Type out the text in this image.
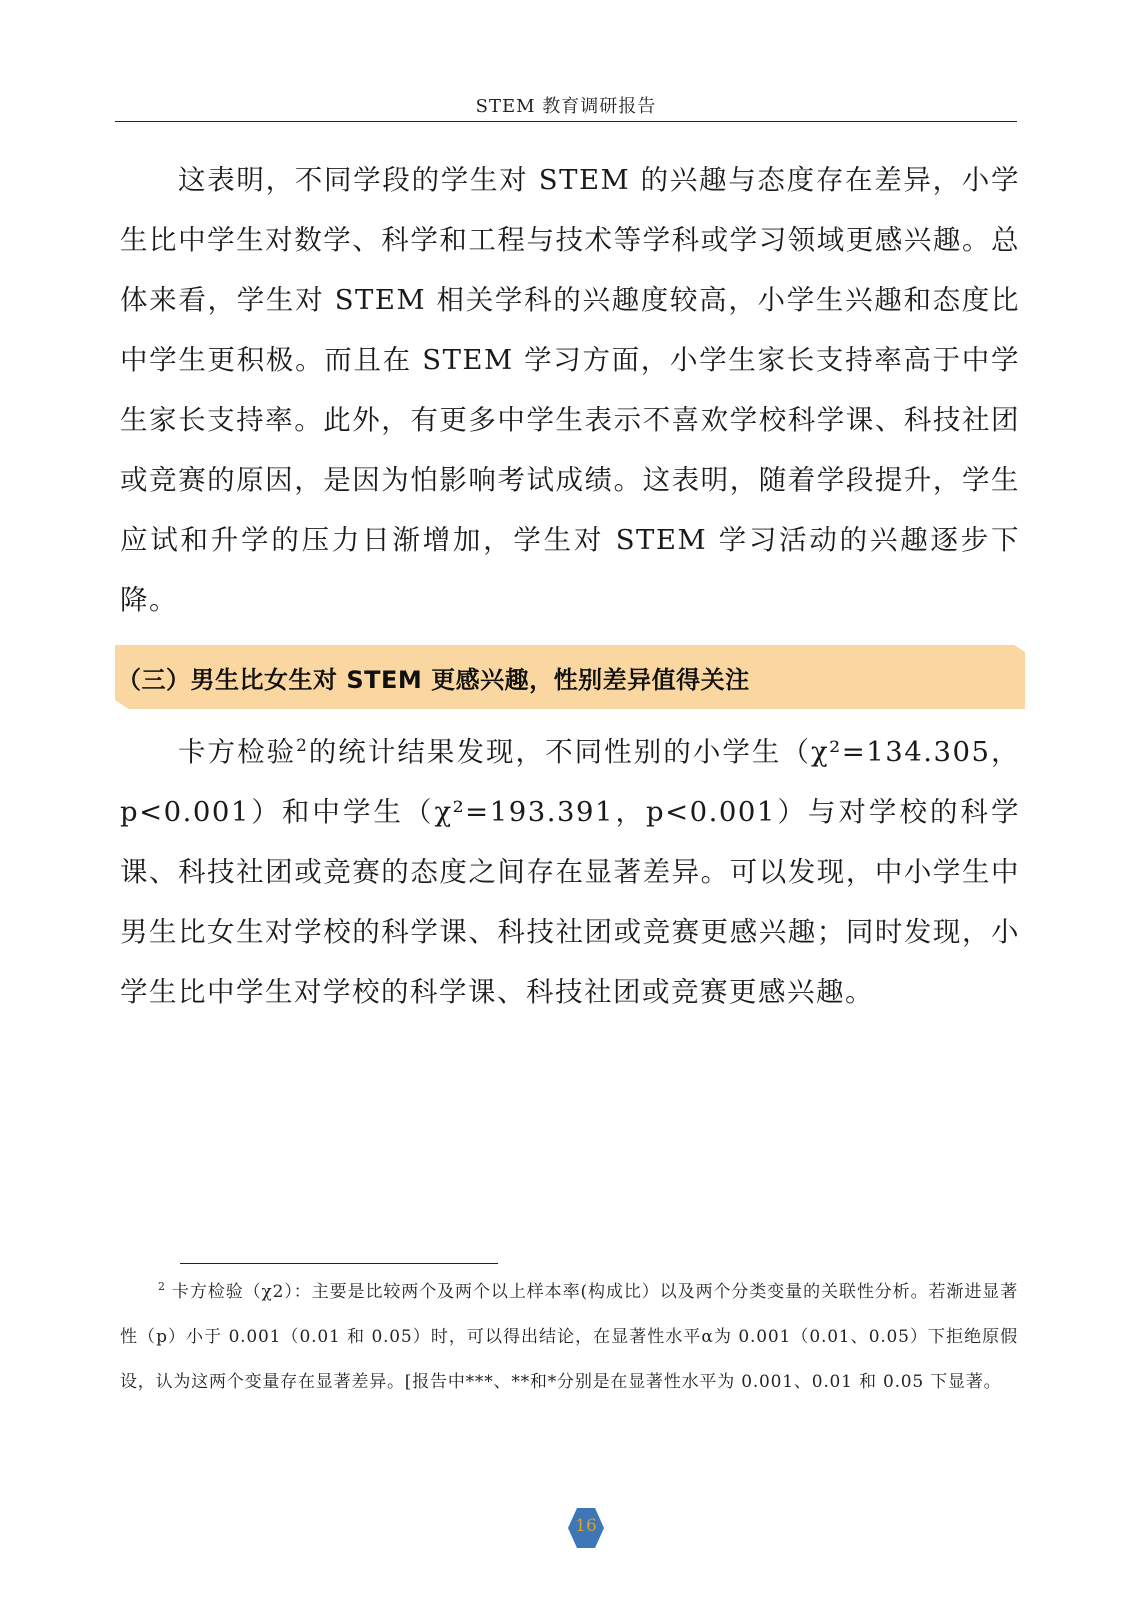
STEM 教育调研报告

这表明，不同学段的学生对 STEM 的兴趣与态度存在差异，小学生比中学生对数学、科学和工程与技术等学科或学习领域更感兴趣。总体来看，学生对 STEM 相关学科的兴趣度较高，小学生兴趣和态度比中学生更积极。而且在 STEM 学习方面，小学生家长支持率高于中学生家长支持率。此外，有更多中学生表示不喜欢学校科学课、科技社团或竞赛的原因，是因为怕影响考试成绩。这表明，随着学段提升，学生应试和升学的压力日渐增加，学生对 STEM 学习活动的兴趣逐步下降。

（三）男生比女生对 STEM 更感兴趣，性别差异值得关注

卡方检验$^2$的统计结果发现，不同性别的小学生（χ²=134.305，p<0.001）和中学生（χ²=193.391，p<0.001）与对学校的科学课、科技社团或竞赛的态度之间存在显著差异。可以发现，中小学生中男生比女生对学校的科学课、科技社团或竞赛更感兴趣；同时发现，小学生比中学生对学校的科学课、科技社团或竞赛更感兴趣。

$^2$ 卡方检验（χ2）：主要是比较两个及两个以上样本率(构成比）以及两个分类变量的关联性分析。若渐进显著性（p）小于 0.001（0.01 和 0.05）时，可以得出结论，在显著性水平α为 0.001（0.01、0.05）下拒绝原假设，认为这两个变量存在显著差异。[报告中***、**和*分别是在显著性水平为 0.001、0.01 和 0.05 下显著。

16
